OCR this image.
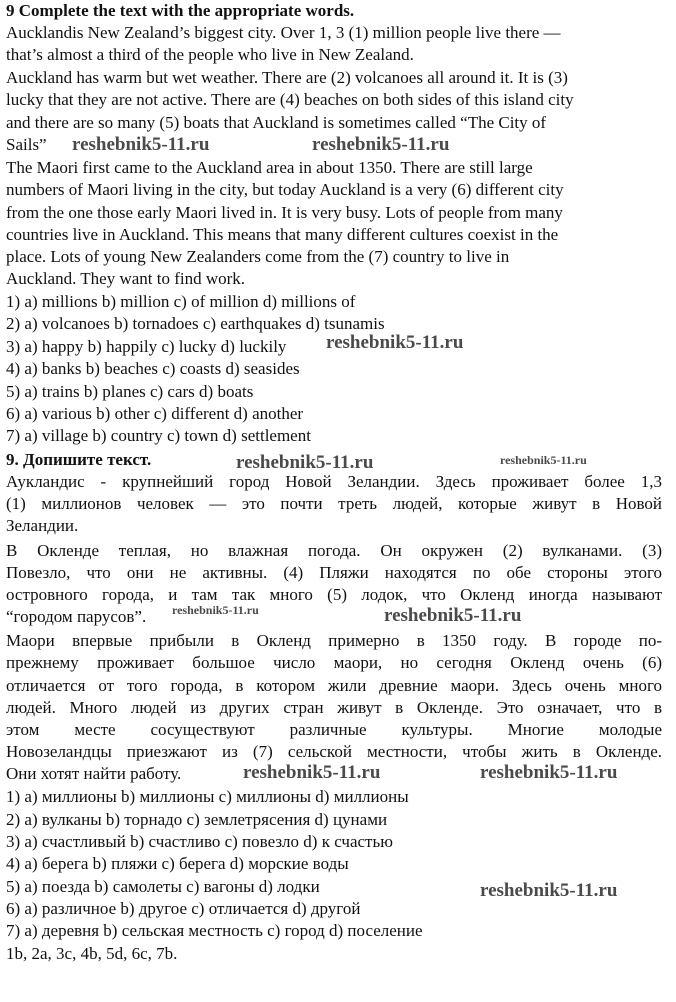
9 Complete the text with the appropriate words.
Aucklandis New Zealand’s biggest city. Over 1, 3 (1) million people live there —
that’s almost a third of the people who live in New Zealand.
Auckland has warm but wet weather. There are (2) volcanoes all around it. It is (3)
lucky that they are not active. There are (4) beaches on both sides of this island city
and there are so many (5) boats that Auckland is sometimes called “The City of
Sails”
The Maori first came to the Auckland area in about 1350. There are still large
numbers of Maori living in the city, but today Auckland is a very (6) different city
from the one those early Maori lived in. It is very busy. Lots of people from many
countries live in Auckland. This means that many different cultures coexist in the
place. Lots of young New Zealanders come from the (7) country to live in
Auckland. They want to find work.
1) a) millions b) million c) of million d) millions of
2) a) volcanoes b) tornadoes c) earthquakes d) tsunamis
3) a) happy b) happily c) lucky d) luckily
4) a) banks b) beaches c) coasts d) seasides
5) a) trains b) planes c) cars d) boats
6) a) various b) other c) different d) another
7) a) village b) country c) town d) settlement
9. Допишите текст.
Аукландис - крупнейший город Новой Зеландии. Здесь проживает более 1,3
(1) миллионов человек — это почти треть людей, которые живут в Новой
Зеландии.
В Окленде теплая, но влажная погода. Он окружен (2) вулканами. (3)
Повезло, что они не активны. (4) Пляжи находятся по обе стороны этого
островного города, и там так много (5) лодок, что Окленд иногда называют
“городом парусов”.
Маори впервые прибыли в Окленд примерно в 1350 году. В городе по-
прежнему проживает большое число маори, но сегодня Окленд очень (6)
отличается от того города, в котором жили древние маори. Здесь очень много
людей. Много людей из других стран живут в Окленде. Это означает, что в
этом месте сосуществуют различные культуры. Многие молодые
Новозеландцы приезжают из (7) сельской местности, чтобы жить в Окленде.
Они хотят найти работу.
1) а) миллионы b) миллионы c) миллионы d) миллионы
2) а) вулканы b) торнадо c) землетрясения d) цунами
3) а) счастливый b) счастливо c) повезло d) к счастью
4) а) берега b) пляжи c) берега d) морские воды
5) а) поезда b) самолеты c) вагоны d) лодки
6) а) различное b) другое c) отличается d) другой
7) а) деревня b) сельская местность c) город d) поселение
1b, 2a, 3c, 4b, 5d, 6c, 7b.
reshebnik5-11.ru	reshebnik5-11.ru
reshebnik5-11.ru
reshebnik5-11.ru	reshebnik5-11.ru
reshebnik5-11.ru	reshebnik5-11.ru
reshebnik5-11.ru	reshebnik5-11.ru
reshebnik5-11.ru
